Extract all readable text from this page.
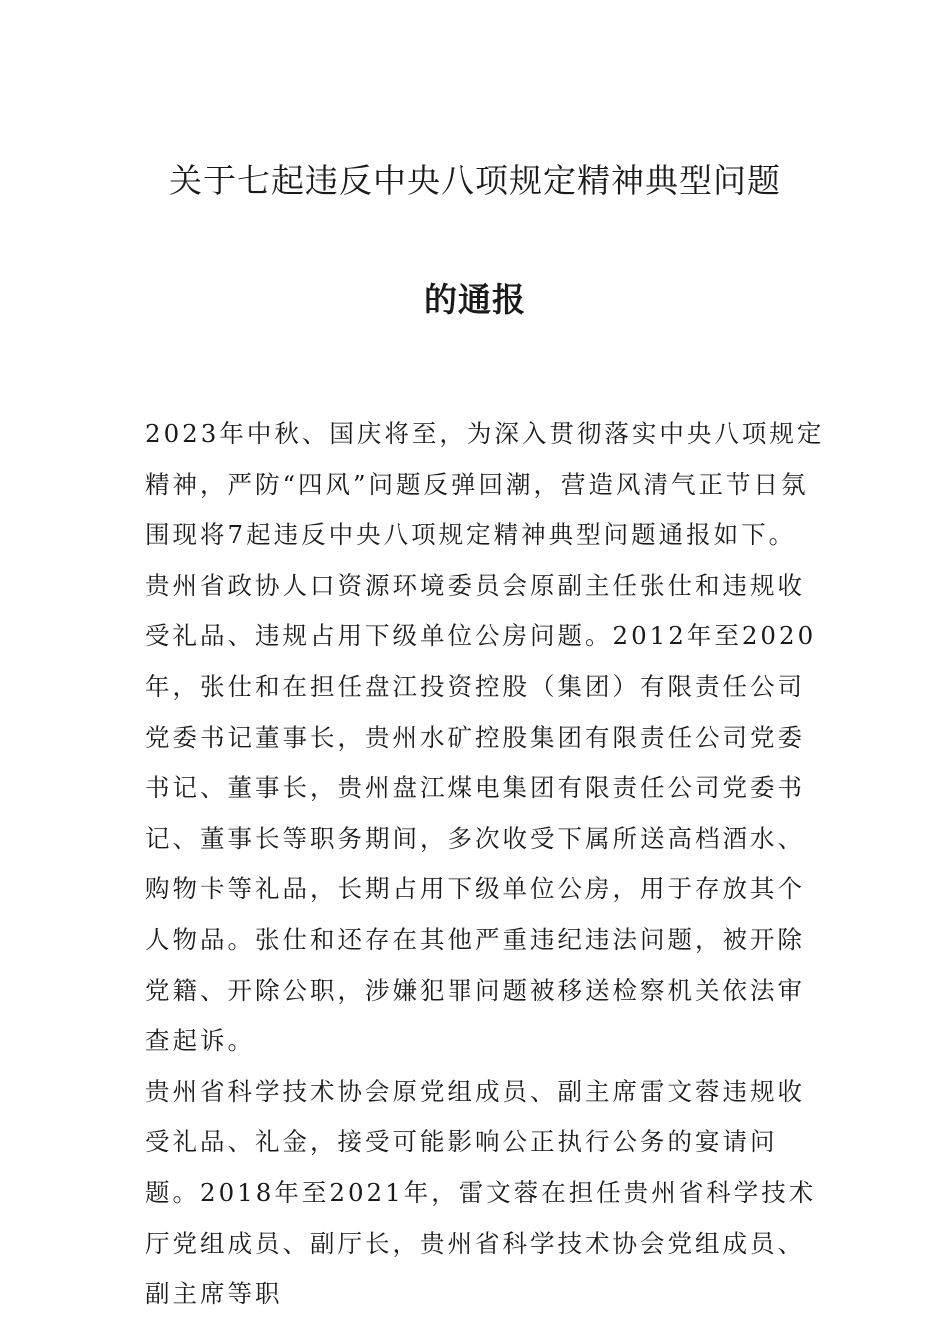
关于七起违反中央八项规定精神典型问题
的通报

2023年中秋、国庆将至，为深入贯彻落实中央八项规定精神，严防“四风”问题反弹回潮，营造风清气正节日氛围现将7起违反中央八项规定精神典型问题通报如下。

贵州省政协人口资源环境委员会原副主任张仕和违规收受礼品、违规占用下级单位公房问题。2012年至2020年，张仕和在担任盘江投资控股（集团）有限责任公司党委书记董事长，贵州水矿控股集团有限责任公司党委书记、董事长，贵州盘江煤电集团有限责任公司党委书记、董事长等职务期间，多次收受下属所送高档酒水、购物卡等礼品，长期占用下级单位公房，用于存放其个人物品。张仕和还存在其他严重违纪违法问题，被开除党籍、开除公职，涉嫌犯罪问题被移送检察机关依法审查起诉。

贵州省科学技术协会原党组成员、副主席雷文蓉违规收受礼品、礼金，接受可能影响公正执行公务的宴请问题。2018年至2021年，雷文蓉在担任贵州省科学技术厅党组成员、副厅长，贵州省科学技术协会党组成员、副主席等职
